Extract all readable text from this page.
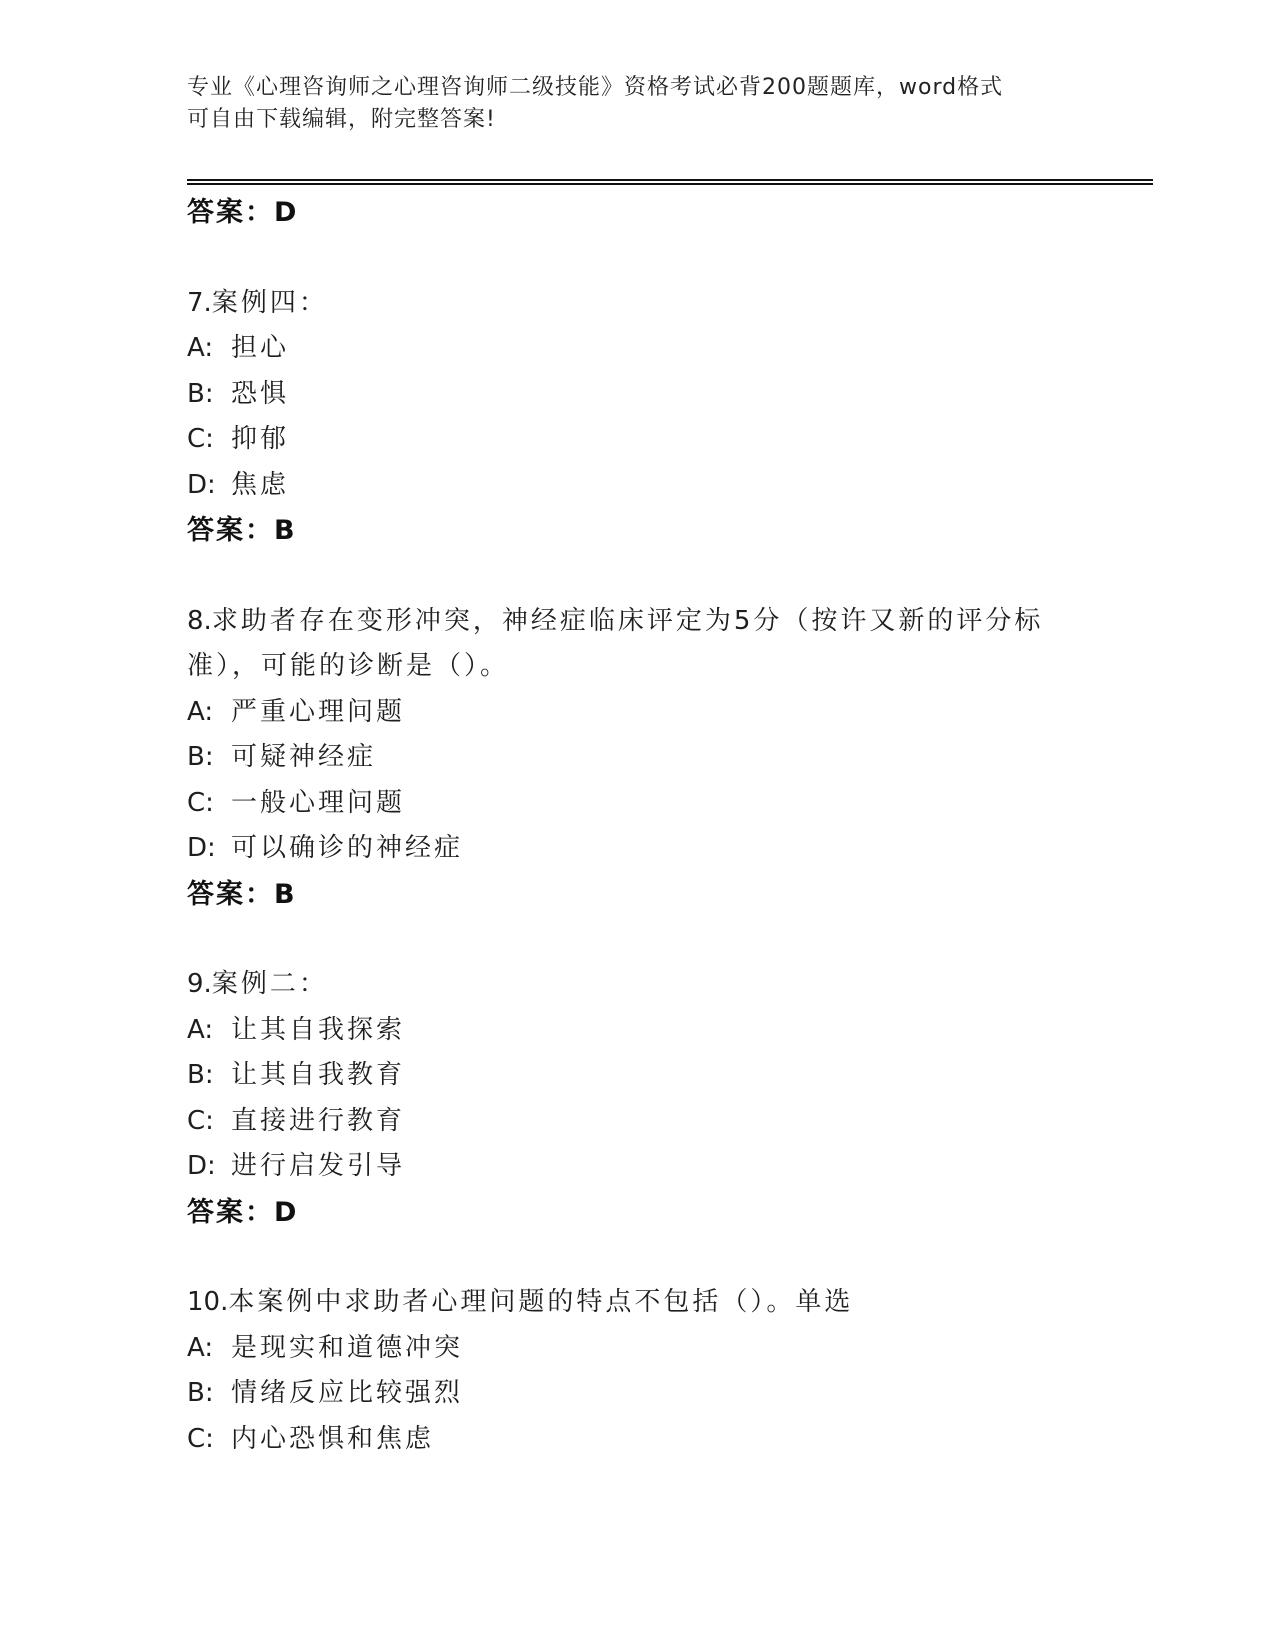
专业《心理咨询师之心理咨询师二级技能》资格考试必背200题题库，word格式
可自由下载编辑，附完整答案!
答案：D
7.案例四：
A: 担心
B: 恐惧
C: 抑郁
D: 焦虑
答案：B
8.求助者存在变形冲突，神经症临床评定为5分（按许又新的评分标
准），可能的诊断是（）。
A: 严重心理问题
B: 可疑神经症
C: 一般心理问题
D: 可以确诊的神经症
答案：B
9.案例二：
A: 让其自我探索
B: 让其自我教育
C: 直接进行教育
D: 进行启发引导
答案：D
10.本案例中求助者心理问题的特点不包括（）。单选
A: 是现实和道德冲突
B: 情绪反应比较强烈
C: 内心恐惧和焦虑
